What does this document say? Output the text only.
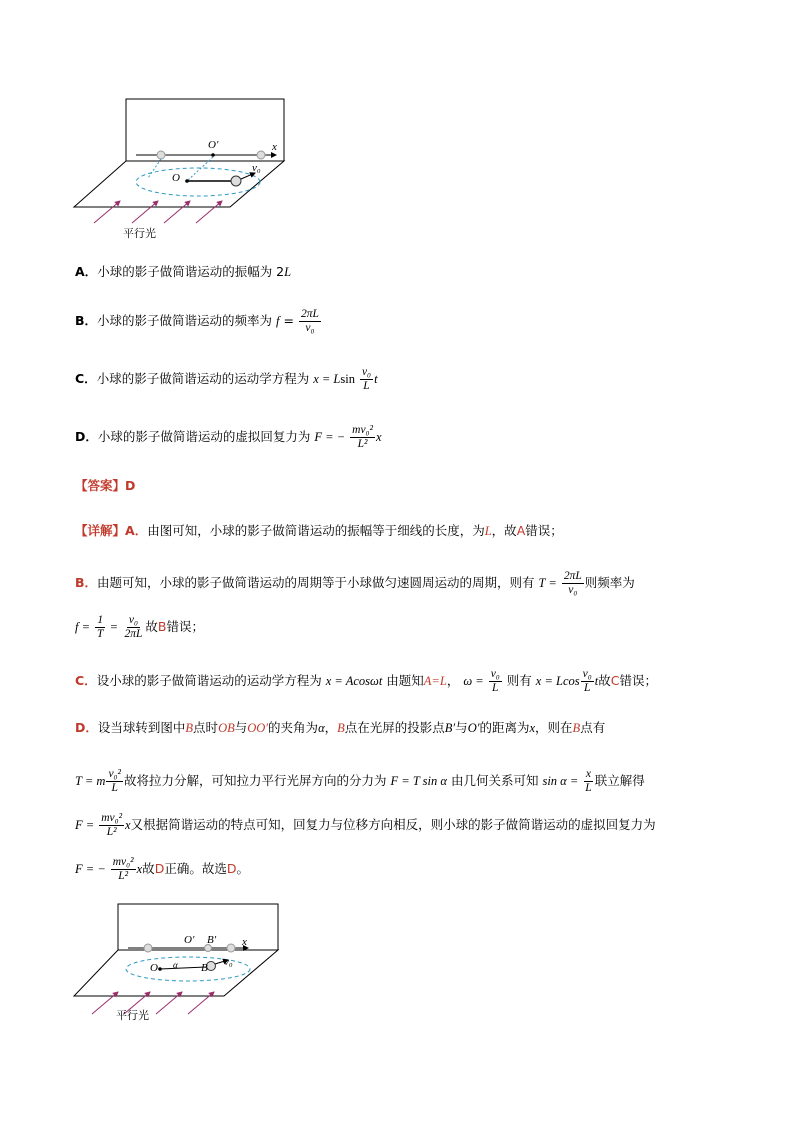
O′
O
x
v₀
平行光
A．小球的影子做简谐运动的振幅为 2L
B．小球的影子做简谐运动的频率为 $f = \frac{2\pi L}{\text{v₀}}$
C．小球的影子做简谐运动的运动学方程为 x = Lsin $\frac{\text{v₀}}{L}$ t
D．小球的影子做简谐运动的虚拟回复力为 F = − $\frac{\text{mv₀²}}{\text{L²}}$ x
【答案】D
【详解】A．由图可知，小球的影子做简谐运动的振幅等于细线的长度，为L，故A错误；
B．由题可知，小球的影子做简谐运动的周期等于小球做匀速圆周运动的周期，则有 $T = \frac{2\pi L}{\text{v₀}}$ 则频率为
$f = \frac{1}{T} = \frac{\text{v₀}}{2\pi L}$ 故B错误；
C．设小球的影子做简谐运动的运动学方程为 x = Acosωt 由题知A=L， $\omega = \frac{\text{v₀}}{L}$ 则有 x = Lcos $\frac{\text{v₀}}{L}$ t故C错误；
D．设当球转到图中B点时OB与OO′的夹角为α，B点在光屏的投影点B′与O′的距离为x，则在B点有
T = m $\frac{\text{v₀²}}{L}$ 故将拉力分解，可知拉力平行光屏方向的分力为 F = T sin α 由几何关系可知 $\sin \alpha = \frac{x}{L}$ 联立解得
$F = \frac{\text{mv₀²}}{\text{L²}}$ x又根据简谐运动的特点可知，回复力与位移方向相反，则小球的影子做简谐运动的虚拟回复力为
F = − $\frac{\text{mv₀²}}{\text{L²}}$ x故D正确。故选D。
O′ B′ x
O α B v₀
平行光
